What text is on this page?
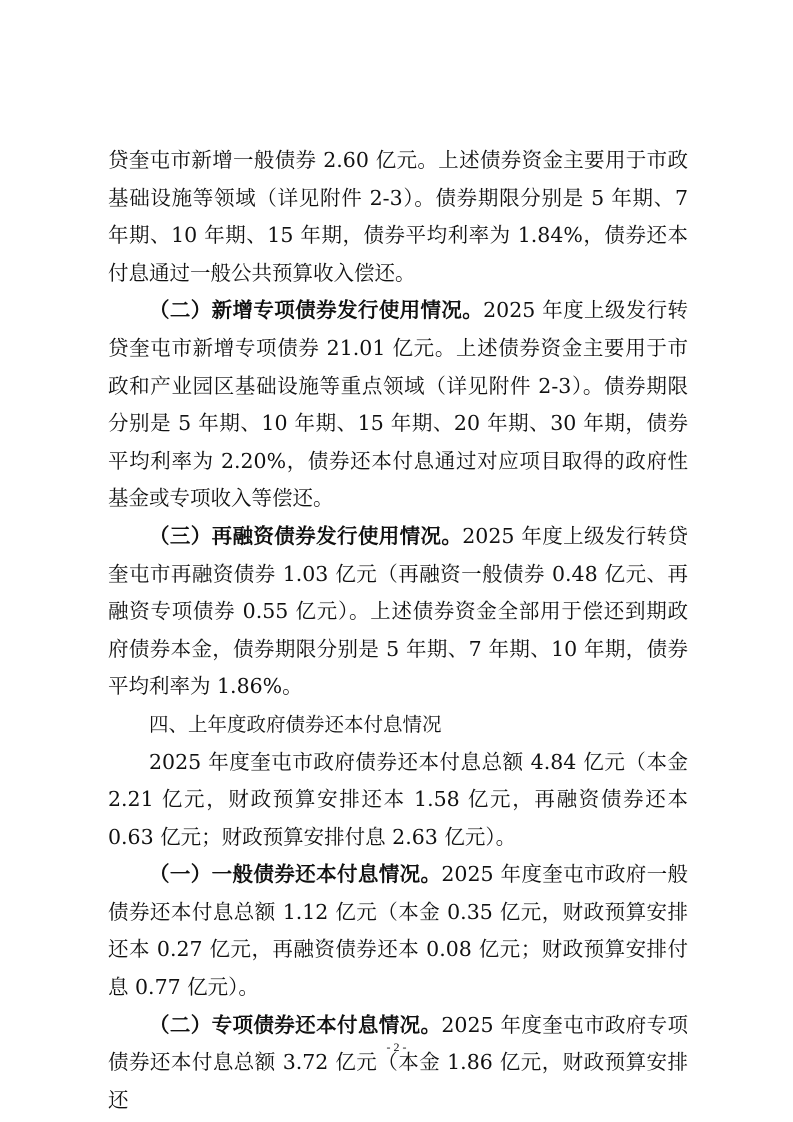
贷奎屯市新增一般债券 2.60 亿元。上述债券资金主要用于市政基础设施等领域（详见附件 2-3）。债券期限分别是 5 年期、7 年期、10 年期、15 年期，债券平均利率为 1.84%，债券还本付息通过一般公共预算收入偿还。

（二）新增专项债券发行使用情况。2025 年度上级发行转贷奎屯市新增专项债券 21.01 亿元。上述债券资金主要用于市政和产业园区基础设施等重点领域（详见附件 2-3）。债券期限分别是 5 年期、10 年期、15 年期、20 年期、30 年期，债券平均利率为 2.20%，债券还本付息通过对应项目取得的政府性基金或专项收入等偿还。

（三）再融资债券发行使用情况。2025 年度上级发行转贷奎屯市再融资债券 1.03 亿元（再融资一般债券 0.48 亿元、再融资专项债券 0.55 亿元）。上述债券资金全部用于偿还到期政府债券本金，债券期限分别是 5 年期、7 年期、10 年期，债券平均利率为 1.86%。

四、上年度政府债券还本付息情况

2025 年度奎屯市政府债券还本付息总额 4.84 亿元（本金 2.21 亿元，财政预算安排还本 1.58 亿元，再融资债券还本 0.63 亿元；财政预算安排付息 2.63 亿元）。

（一）一般债券还本付息情况。2025 年度奎屯市政府一般债券还本付息总额 1.12 亿元（本金 0.35 亿元，财政预算安排还本 0.27 亿元，再融资债券还本 0.08 亿元；财政预算安排付息 0.77 亿元）。

（二）专项债券还本付息情况。2025 年度奎屯市政府专项债券还本付息总额 3.72 亿元（本金 1.86 亿元，财政预算安排还

- 2 -
